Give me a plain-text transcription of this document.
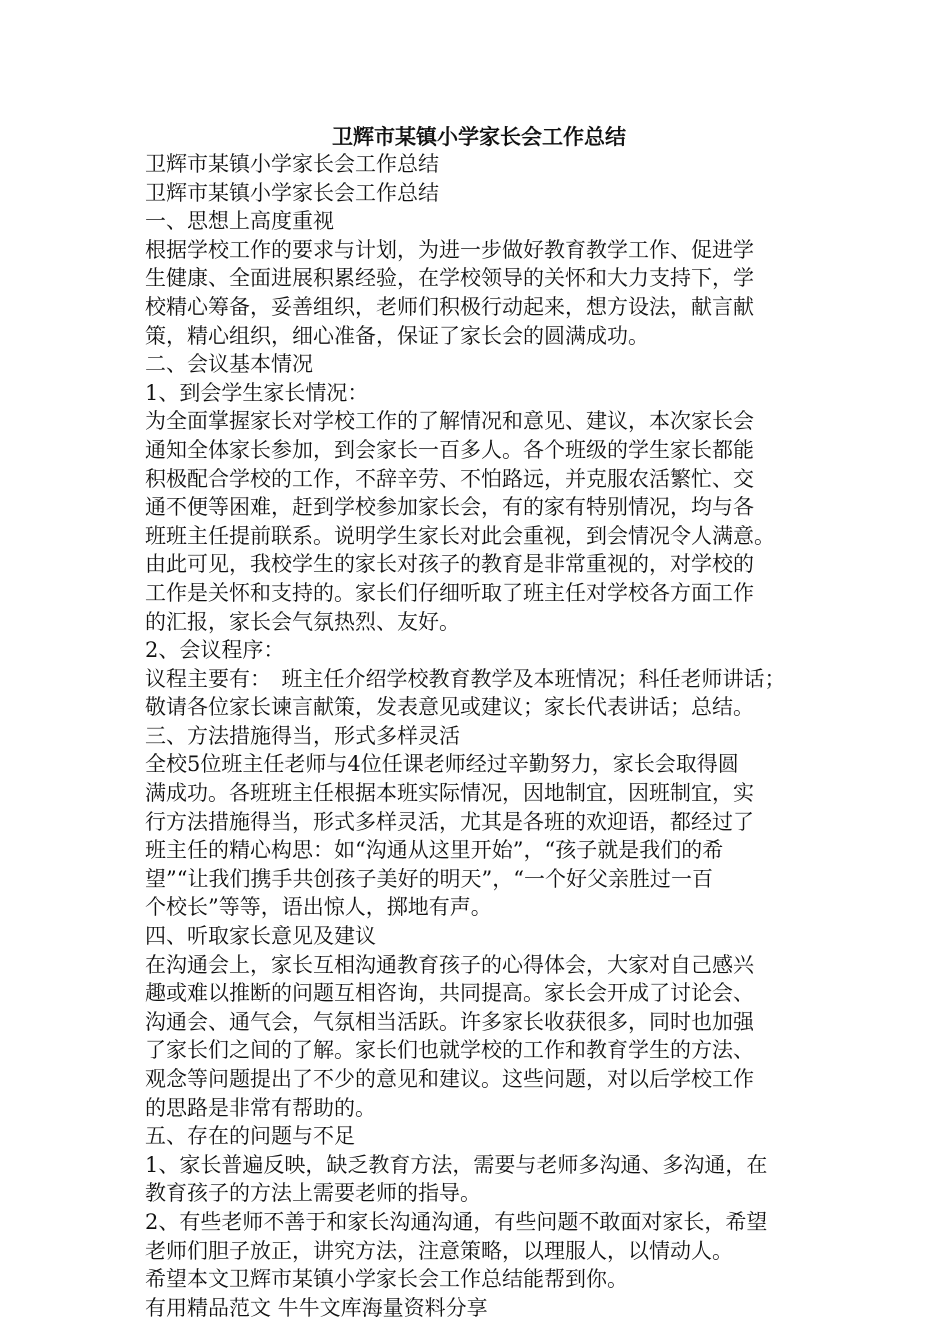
卫辉市某镇小学家长会工作总结
卫辉市某镇小学家长会工作总结
卫辉市某镇小学家长会工作总结
一、思想上高度重视
根据学校工作的要求与计划，为进一步做好教育教学工作、促进学
生健康、全面进展积累经验，在学校领导的关怀和大力支持下，学
校精心筹备，妥善组织，老师们积极行动起来，想方设法，献言献
策，精心组织，细心准备，保证了家长会的圆满成功。
二、会议基本情况
1、到会学生家长情况：
为全面掌握家长对学校工作的了解情况和意见、建议，本次家长会
通知全体家长参加，到会家长一百多人。各个班级的学生家长都能
积极配合学校的工作，不辞辛劳、不怕路远，并克服农活繁忙、交
通不便等困难，赶到学校参加家长会，有的家有特别情况，均与各
班班主任提前联系。说明学生家长对此会重视，到会情况令人满意。
由此可见，我校学生的家长对孩子的教育是非常重视的，对学校的
工作是关怀和支持的。家长们仔细听取了班主任对学校各方面工作
的汇报，家长会气氛热烈、友好。
2、会议程序：
议程主要有：　班主任介绍学校教育教学及本班情况；科任老师讲话；
敬请各位家长谏言献策，发表意见或建议；家长代表讲话；总结。
三、方法措施得当，形式多样灵活
全校5位班主任老师与4位任课老师经过辛勤努力，家长会取得圆
满成功。各班班主任根据本班实际情况，因地制宜，因班制宜，实
行方法措施得当，形式多样灵活，尤其是各班的欢迎语，都经过了
班主任的精心构思：如“沟通从这里开始”，“孩子就是我们的希
望”“让我们携手共创孩子美好的明天”，“一个好父亲胜过一百
个校长”等等，语出惊人，掷地有声。
四、听取家长意见及建议
在沟通会上，家长互相沟通教育孩子的心得体会，大家对自己感兴
趣或难以推断的问题互相咨询，共同提高。家长会开成了讨论会、
沟通会、通气会，气氛相当活跃。许多家长收获很多，同时也加强
了家长们之间的了解。家长们也就学校的工作和教育学生的方法、
观念等问题提出了不少的意见和建议。这些问题，对以后学校工作
的思路是非常有帮助的。
五、存在的问题与不足
1、家长普遍反映，缺乏教育方法，需要与老师多沟通、多沟通，在
教育孩子的方法上需要老师的指导。
2、有些老师不善于和家长沟通沟通，有些问题不敢面对家长，希望
老师们胆子放正，讲究方法，注意策略，以理服人，以情动人。
希望本文卫辉市某镇小学家长会工作总结能帮到你。
有用精品范文 牛牛文库海量资料分享
